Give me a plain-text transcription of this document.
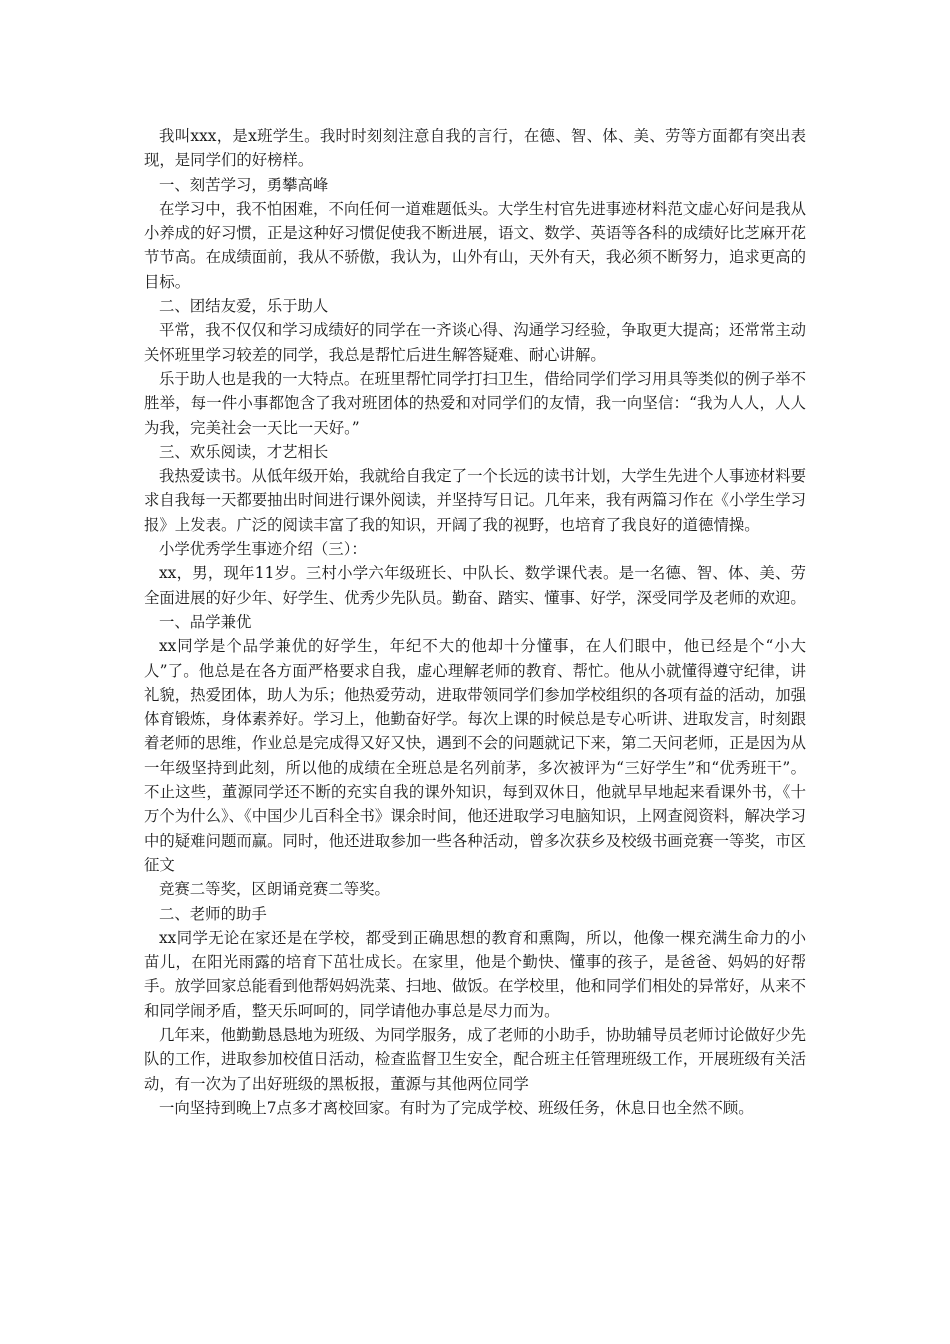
我叫xxx，是x班学生。我时时刻刻注意自我的言行，在德、智、体、美、劳等方面都有突出表现，是同学们的好榜样。

一、刻苦学习，勇攀高峰

在学习中，我不怕困难，不向任何一道难题低头。大学生村官先进事迹材料范文虚心好问是我从小养成的好习惯，正是这种好习惯促使我不断进展，语文、数学、英语等各科的成绩好比芝麻开花节节高。在成绩面前，我从不骄傲，我认为，山外有山，天外有天，我必须不断努力，追求更高的目标。

二、团结友爱，乐于助人

平常，我不仅仅和学习成绩好的同学在一齐谈心得、沟通学习经验，争取更大提高；还常常主动关怀班里学习较差的同学，我总是帮忙后进生解答疑难、耐心讲解。

乐于助人也是我的一大特点。在班里帮忙同学打扫卫生，借给同学们学习用具等类似的例子举不胜举，每一件小事都饱含了我对班团体的热爱和对同学们的友情，我一向坚信：“我为人人，人人为我，完美社会一天比一天好。”

三、欢乐阅读，才艺相长

我热爱读书。从低年级开始，我就给自我定了一个长远的读书计划，大学生先进个人事迹材料要求自我每一天都要抽出时间进行课外阅读，并坚持写日记。几年来，我有两篇习作在《小学生学习报》上发表。广泛的阅读丰富了我的知识，开阔了我的视野，也培育了我良好的道德情操。

小学优秀学生事迹介绍（三）：

xx，男，现年11岁。三村小学六年级班长、中队长、数学课代表。是一名德、智、体、美、劳全面进展的好少年、好学生、优秀少先队员。勤奋、踏实、懂事、好学，深受同学及老师的欢迎。

一、品学兼优

xx同学是个品学兼优的好学生，年纪不大的他却十分懂事，在人们眼中，他已经是个“小大人”了。他总是在各方面严格要求自我，虚心理解老师的教育、帮忙。他从小就懂得遵守纪律，讲礼貌，热爱团体，助人为乐；他热爱劳动，进取带领同学们参加学校组织的各项有益的活动，加强体育锻炼，身体素养好。学习上，他勤奋好学。每次上课的时候总是专心听讲、进取发言，时刻跟着老师的思维，作业总是完成得又好又快，遇到不会的问题就记下来，第二天问老师，正是因为从一年级坚持到此刻，所以他的成绩在全班总是名列前茅，多次被评为“三好学生”和“优秀班干”。不止这些，董源同学还不断的充实自我的课外知识，每到双休日，他就早早地起来看课外书，《十万个为什么》、《中国少儿百科全书》课余时间，他还进取学习电脑知识，上网查阅资料，解决学习中的疑难问题而赢。同时，他还进取参加一些各种活动，曾多次获乡及校级书画竞赛一等奖，市区征文

竞赛二等奖，区朗诵竞赛二等奖。

二、老师的助手

xx同学无论在家还是在学校，都受到正确思想的教育和熏陶，所以，他像一棵充满生命力的小苗儿，在阳光雨露的培育下茁壮成长。在家里，他是个勤快、懂事的孩子，是爸爸、妈妈的好帮手。放学回家总能看到他帮妈妈洗菜、扫地、做饭。在学校里，他和同学们相处的异常好，从来不和同学闹矛盾，整天乐呵呵的，同学请他办事总是尽力而为。

几年来，他勤勤恳恳地为班级、为同学服务，成了老师的小助手，协助辅导员老师讨论做好少先队的工作，进取参加校值日活动，检查监督卫生安全，配合班主任管理班级工作，开展班级有关活动，有一次为了出好班级的黑板报，董源与其他两位同学

一向坚持到晚上7点多才离校回家。有时为了完成学校、班级任务，休息日也全然不顾。
